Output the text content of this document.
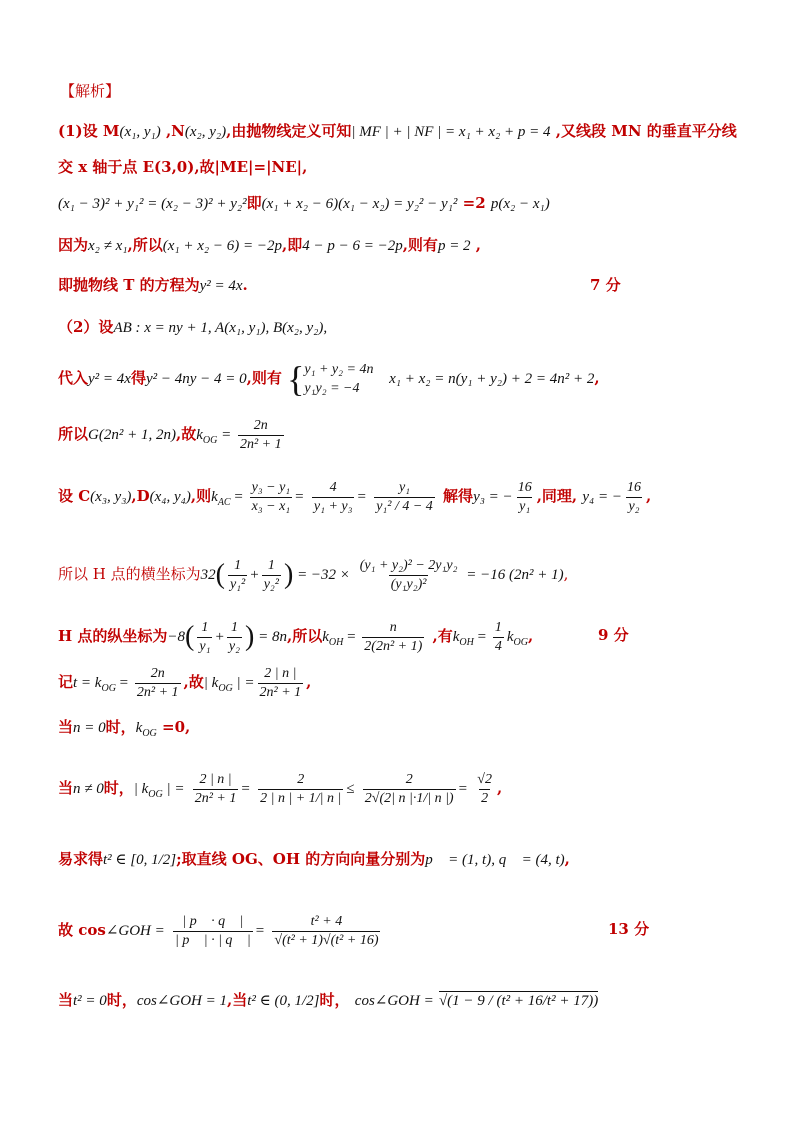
【解析】
(1)设 M(x₁, y₁) ,N(x₂, y₂),由抛物线定义可知| MF | + | NF | = x₁ + x₂ + p = 4 ,又线段 MN 的垂直平分线
交 x 轴于点 E(3,0),故|ME|=|NE|,
(x₁ − 3)² + y₁² = (x₂ − 3)² + y₂²即(x₁ + x₂ − 6)(x₁ − x₂) = y₂² − y₁² =2 p(x₂ − x₁)
因为x₂ ≠ x₁,所以(x₁ + x₂ − 6) = −2p,即4 − p − 6 = −2p,则有p = 2 ,
即抛物线 T 的方程为y² = 4x.	7 分
（2）设AB : x = ny + 1, A(x₁, y₁), B(x₂, y₂),
代入y² = 4x得y² − 4ny − 4 = 0,则有 { y₁ + y₂ = 4n
y₁y₂ = −4
x₁ + x₂ = n(y₁ + y₂) + 2 = 4n² + 2,
所以G(2n² + 1, 2n),故$k_{OG} = \frac{2n}{\text{2n² + 1}}$
设 C(x₃, y₃),D(x₄, y₄),则$k_{AC} = \frac{\text{y₃ − y₁}}{\text{x₃ − x₁}} = \frac{4}{\text{y₁ + y₃}} = \frac{\text{y₁}}{\text{y₁² / 4 − 4}}$ 解得y₃ = − $\frac{16}{\text{y₁}}$ ,同理, y₄ = − $\frac{16}{\text{y₂}}$ ,
所以 H 点的横坐标为$32( \frac{1}{\text{y₁²}} + \frac{1}{\text{y₂²}}$ ) = $-32 \times \frac{\text{(y₁ + y₂)² − 2y₁y₂}}{\text{(y₁y₂)²}} = -16$ (2n² + 1),
H 点的纵坐标为$-8( \frac{1}{\text{y₁}} + \frac{1}{\text{y₂}}$ ) = 8n,所以$k_{OH} = \frac{n}{\text{2(2n² + 1)}}$ ,有$k_{OH} = \frac{1}{4} k_{OG}$,	9 分
记$t = k_{OG} = \frac{2n}{\text{2n² + 1}}$ ,故| $k_{OG}$ | = $\frac{2 | n |}{\text{2n² + 1}}$ ,
当n = 0时，$k_{OG} =0$,
当n ≠ 0时，| $k_{OG}$ | = $\frac{2 | n |}{\text{2n² + 1}} = \frac{2}{2 | n | + 1/| n |} \le \frac{2}{2√(2| n |\cdot 1/| n |)} = \frac{√2}{2}$ ,
易求得t² ∈ [0, 1/2];取直线 OG、OH 的方向向量分别为p⃗ = (1, t), q⃗ = (4, t),
故 cos∠GOH = $\frac{| p⃗ \cdot q⃗ |}{| p⃗ | \cdot | q⃗ |} = \frac{\text{t² + 4}}{\text{√(t² + 1)√(t² + 16)}}$	13 分
当t² = 0时，cos∠GOH = 1,当t² ∈ (0, 1/2]时， cos∠GOH = √(1 − 9 / (t² + 16/t² + 17))
